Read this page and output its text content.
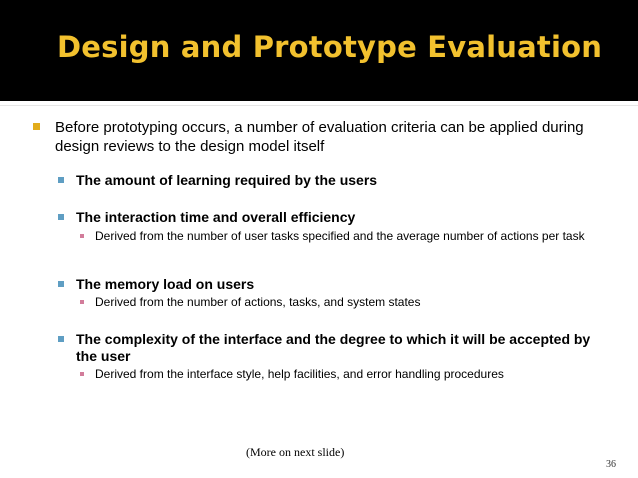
Design and Prototype Evaluation
Before prototyping occurs, a number of evaluation criteria can be applied during design reviews to the design model itself
The amount of learning required by the users
The interaction time and overall efficiency
Derived from the number of user tasks specified and the average number of actions per task
The memory load on users
Derived from the number of actions, tasks, and system states
The complexity of the interface and the degree to which it will be accepted by the user
Derived from the interface style, help facilities, and error handling procedures
(More on next slide)
36
